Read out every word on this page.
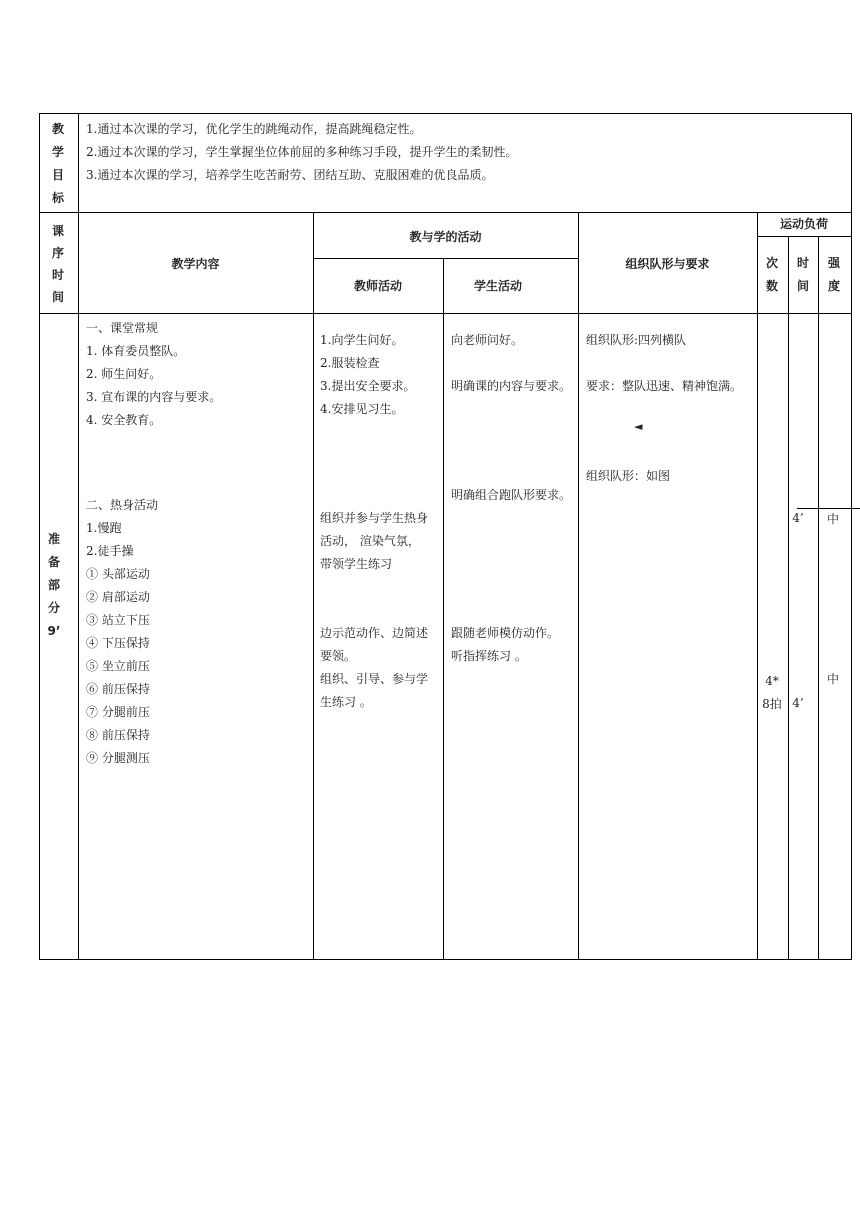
教学目标
1.通过本次课的学习，优化学生的跳绳动作，提高跳绳稳定性。
2.通过本次课的学习，学生掌握坐位体前屈的多种练习手段，提升学生的柔韧性。
3.通过本次课的学习，培养学生吃苦耐劳、团结互助、克服困难的优良品质。
课序时间
教学内容
教与学的活动
教师活动	学生活动
组织队形与要求
运动负荷
次数
时间
强度
准备部分9’
一、课堂常规
1. 体育委员整队。
2. 师生问好。
3. 宣布课的内容与要求。
4. 安全教育。
二、热身活动
1.慢跑
2.徒手操
① 头部运动
② 肩部运动
③ 站立下压
④ 下压保持
⑤ 坐立前压
⑥ 前压保持
⑦ 分腿前压
⑧ 前压保持
⑨ 分腿测压
1.向学生问好。
2.服装检查
3.提出安全要求。
4.安排见习生。
组织并参与学生热身
活动， 渲染气氛，
带领学生练习
边示范动作、边简述
要领。
组织、引导、参与学
生练习 。
向老师问好。
明确课的内容与要求。
明确组合跑队形要求。
跟随老师模仿动作。
听指挥练习 。
组织队形:四列横队
要求：整队迅速、精神饱满。
◄
组织队形：如图
4*8拍
4’
4’
中
中
